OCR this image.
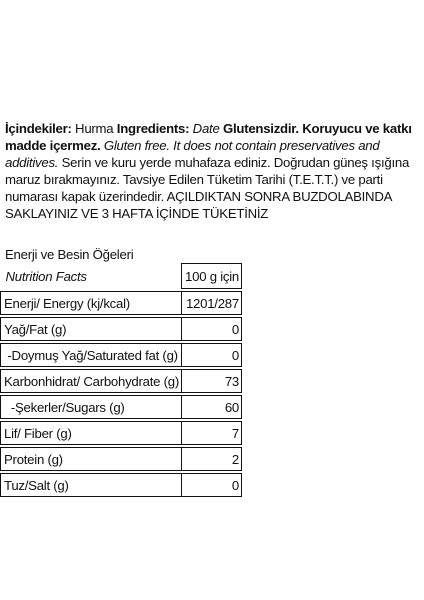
İçindekiler: Hurma Ingredients: Date Glutensizdir. Koruyucu ve katkı madde içermez. Gluten free. It does not contain preservatives and additives. Serin ve kuru yerde muhafaza ediniz. Doğrudan güneş ışığına maruz bırakmayınız. Tavsiye Edilen Tüketim Tarihi (T.E.T.T.) ve parti numarası kapak üzerindedir. AÇILDIKTAN SONRA BUZDOLABINDA SAKLAYINIZ VE 3 HAFTA İÇİNDE TÜKETİNİZ
Enerji ve Besin Öğeleri
Nutrition Facts	100 g için

Enerji/ Energy (kj/kcal)	1201/287

Yağ/Fat (g)	0

-Doymuş Yağ/Saturated fat (g)	0

Karbonhidrat/ Carbohydrate (g)	73

-Şekerler/Sugars (g)	60

Lif/ Fiber (g)	7

Protein (g)	2

Tuz/Salt (g)	0
